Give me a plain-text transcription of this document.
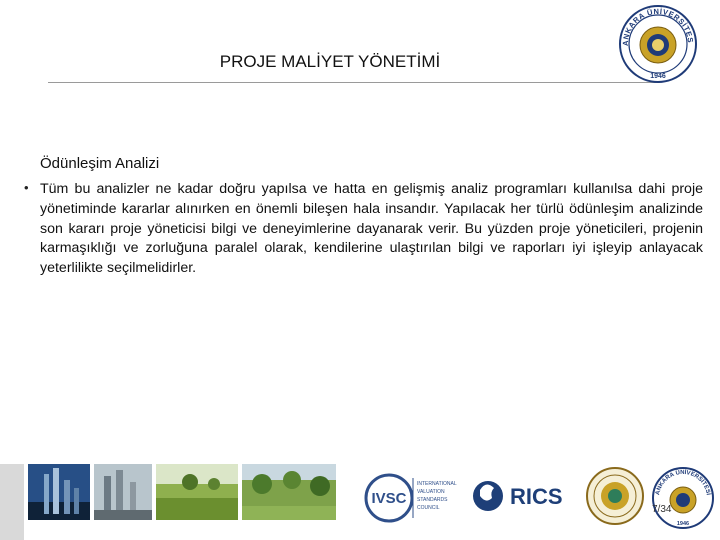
PROJE MALİYET YÖNETİMİ
ANKARA ÜNİVERSİTES
1946
Ödünleşim Analizi
• Tüm bu analizler ne kadar doğru yapılsa ve hatta en gelişmiş analiz programları kullanılsa dahi proje yönetiminde kararlar alınırken en önemli bileşen hala insandır. Yapılacak her türlü ödünleşim analizinde son kararı proje yöneticisi bilgi ve deneyimlerine dayanarak verir. Bu yüzden proje yöneticileri, projenin karmaşıklığı ve zorluğuna paralel olarak, kendilerine ulaştırılan bilgi ve raporları iyi işleyip anlayacak yeterlilikte seçilmelidirler.
IVSC
INTERNATIONAL
VALUATION
STANDARDS
COUNCIL	RICS	ANKARA ÜNİVERSİTESİ
1946
7/34
